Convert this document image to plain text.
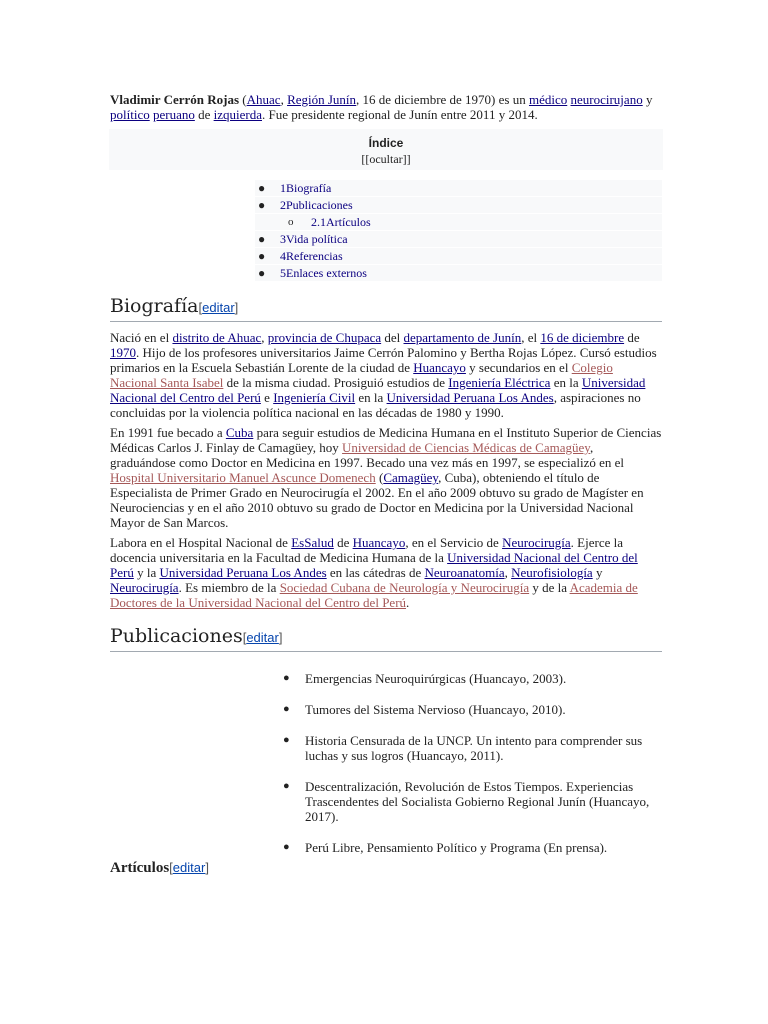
Vladimir Cerrón Rojas (Ahuac, Región Junín, 16 de diciembre de 1970) es un médico neurocirujano y político peruano de izquierda. Fue presidente regional de Junín entre 2011 y 2014.

Índice
[[ocultar]]
● 1Biografía
● 2Publicaciones
o 2.1Artículos
● 3Vida política
● 4Referencias
● 5Enlaces externos
Biografía[editar]

Nació en el distrito de Ahuac, provincia de Chupaca del departamento de Junín, el 16 de diciembre de 1970. Hijo de los profesores universitarios Jaime Cerrón Palomino y Bertha Rojas López. Cursó estudios primarios en la Escuela Sebastián Lorente de la ciudad de Huancayo y secundarios en el Colegio Nacional Santa Isabel de la misma ciudad. Prosiguió estudios de Ingeniería Eléctrica en la Universidad Nacional del Centro del Perú e Ingeniería Civil en la Universidad Peruana Los Andes, aspiraciones no concluidas por la violencia política nacional en las décadas de 1980 y 1990.

En 1991 fue becado a Cuba para seguir estudios de Medicina Humana en el Instituto Superior de Ciencias Médicas Carlos J. Finlay de Camagüey, hoy Universidad de Ciencias Médicas de Camagüey, graduándose como Doctor en Medicina en 1997. Becado una vez más en 1997, se especializó en el Hospital Universitario Manuel Ascunce Domenech (Camagüey, Cuba), obteniendo el título de Especialista de Primer Grado en Neurocirugía el 2002. En el año 2009 obtuvo su grado de Magíster en Neurociencias y en el año 2010 obtuvo su grado de Doctor en Medicina por la Universidad Nacional Mayor de San Marcos.

Labora en el Hospital Nacional de EsSalud de Huancayo, en el Servicio de Neurocirugía. Ejerce la docencia universitaria en la Facultad de Medicina Humana de la Universidad Nacional del Centro del Perú y la Universidad Peruana Los Andes en las cátedras de Neuroanatomía, Neurofisiología y Neurocirugía. Es miembro de la Sociedad Cubana de Neurología y Neurocirugía y de la Academia de Doctores de la Universidad Nacional del Centro del Perú.

Publicaciones[editar]
● Emergencias Neuroquirúrgicas (Huancayo, 2003).
● Tumores del Sistema Nervioso (Huancayo, 2010).
● Historia Censurada de la UNCP. Un intento para comprender sus luchas y sus logros (Huancayo, 2011).
● Descentralización, Revolución de Estos Tiempos. Experiencias Trascendentes del Socialista Gobierno Regional Junín (Huancayo, 2017).
● Perú Libre, Pensamiento Político y Programa (En prensa).
Artículos[editar]
